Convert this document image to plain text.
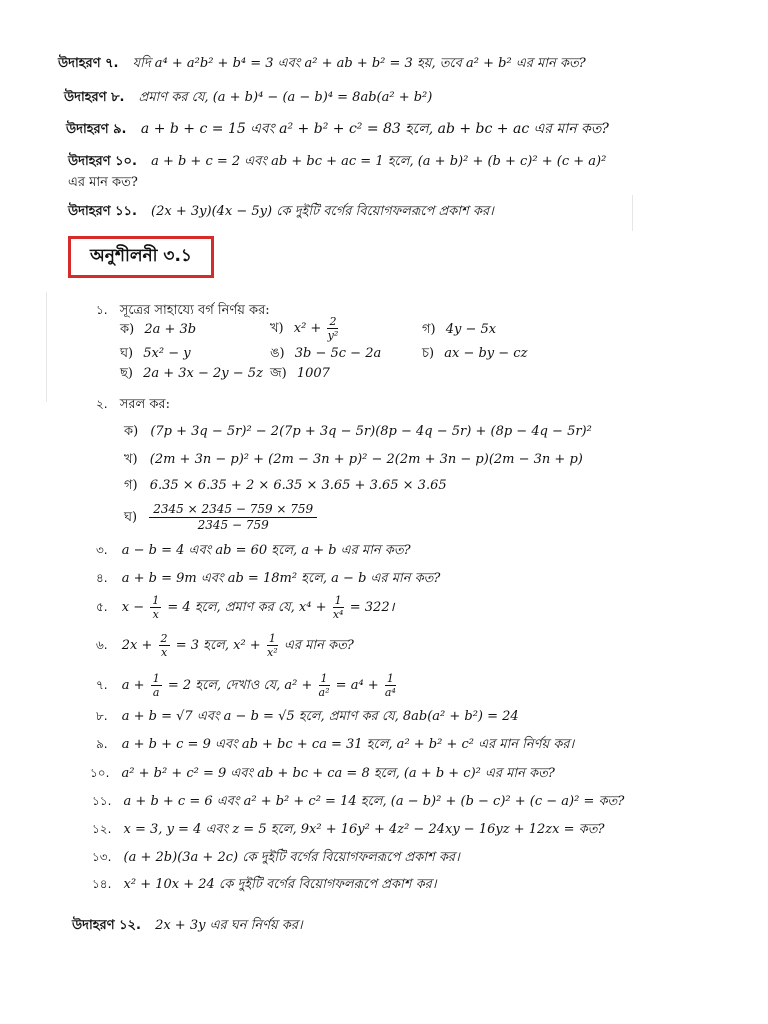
উদাহরণ ৭. যদি a⁴ + a²b² + b⁴ = 3 এবং a² + ab + b² = 3 হয়, তবে a² + b² এর মান কত?
উদাহরণ ৮. প্রমাণ কর যে, (a + b)⁴ − (a − b)⁴ = 8ab(a² + b²)
উদাহরণ ৯. a + b + c = 15 এবং a² + b² + c² = 83 হলে, ab + bc + ac এর মান কত?
উদাহরণ ১০. a + b + c = 2 এবং ab + bc + ac = 1 হলে, (a + b)² + (b + c)² + (c + a)²
এর মান কত?
উদাহরণ ১১. (2x + 3y)(4x − 5y) কে দুইটি বর্গের বিয়োগফলরূপে প্রকাশ কর।
অনুশীলনী ৩.১
১. সূত্রের সাহায্যে বর্গ নির্ণয় কর:
ক) 2a + 3b	খ) $x^2 + \frac{2}{\text{y²}}$	গ) 4y − 5x
ঘ) 5x² − y	ঙ) 3b − 5c − 2a	চ) ax − by − cz
ছ) 2a + 3x − 2y − 5z জ) 1007
২. সরল কর:
ক) (7p + 3q − 5r)² − 2(7p + 3q − 5r)(8p − 4q − 5r) + (8p − 4q − 5r)²
খ) (2m + 3n − p)² + (2m − 3n + p)² − 2(2m + 3n − p)(2m − 3n + p)
গ) 6.35 × 6.35 + 2 × 6.35 × 3.65 + 3.65 × 3.65
ঘ) $\frac{2345 \times 2345 - 759 \times 759}{2345 - 759}$
৩. a − b = 4 এবং ab = 60 হলে, a + b এর মান কত?
৪. a + b = 9m এবং ab = 18m² হলে, a − b এর মান কত?
৫. $x - \frac{1}{x} = 4$ হলে, প্রমাণ কর যে, $x^4 + \frac{1}{\text{x⁴}}$ = 322।
৬. $2x + \frac{2}{x} = 3$ হলে, $x^2 + \frac{1}{\text{x²}}$ এর মান কত?
৭. $a + \frac{1}{a} = 2$ হলে, দেখাও যে, $a^2 + \frac{1}{\text{a²}} = a^4 + \frac{1}{\text{a⁴}}$
৮. a + b = √7 এবং a − b = √5 হলে, প্রমাণ কর যে, 8ab(a² + b²) = 24
৯. a + b + c = 9 এবং ab + bc + ca = 31 হলে, a² + b² + c² এর মান নির্ণয় কর।
১০. a² + b² + c² = 9 এবং ab + bc + ca = 8 হলে, (a + b + c)² এর মান কত?
১১. a + b + c = 6 এবং a² + b² + c² = 14 হলে, (a − b)² + (b − c)² + (c − a)² = কত?
১২. x = 3, y = 4 এবং z = 5 হলে, 9x² + 16y² + 4z² − 24xy − 16yz + 12zx = কত?
১৩. (a + 2b)(3a + 2c) কে দুইটি বর্গের বিয়োগফলরূপে প্রকাশ কর।
১৪. x² + 10x + 24 কে দুইটি বর্গের বিয়োগফলরূপে প্রকাশ কর।
উদাহরণ ১২. 2x + 3y এর ঘন নির্ণয় কর।
